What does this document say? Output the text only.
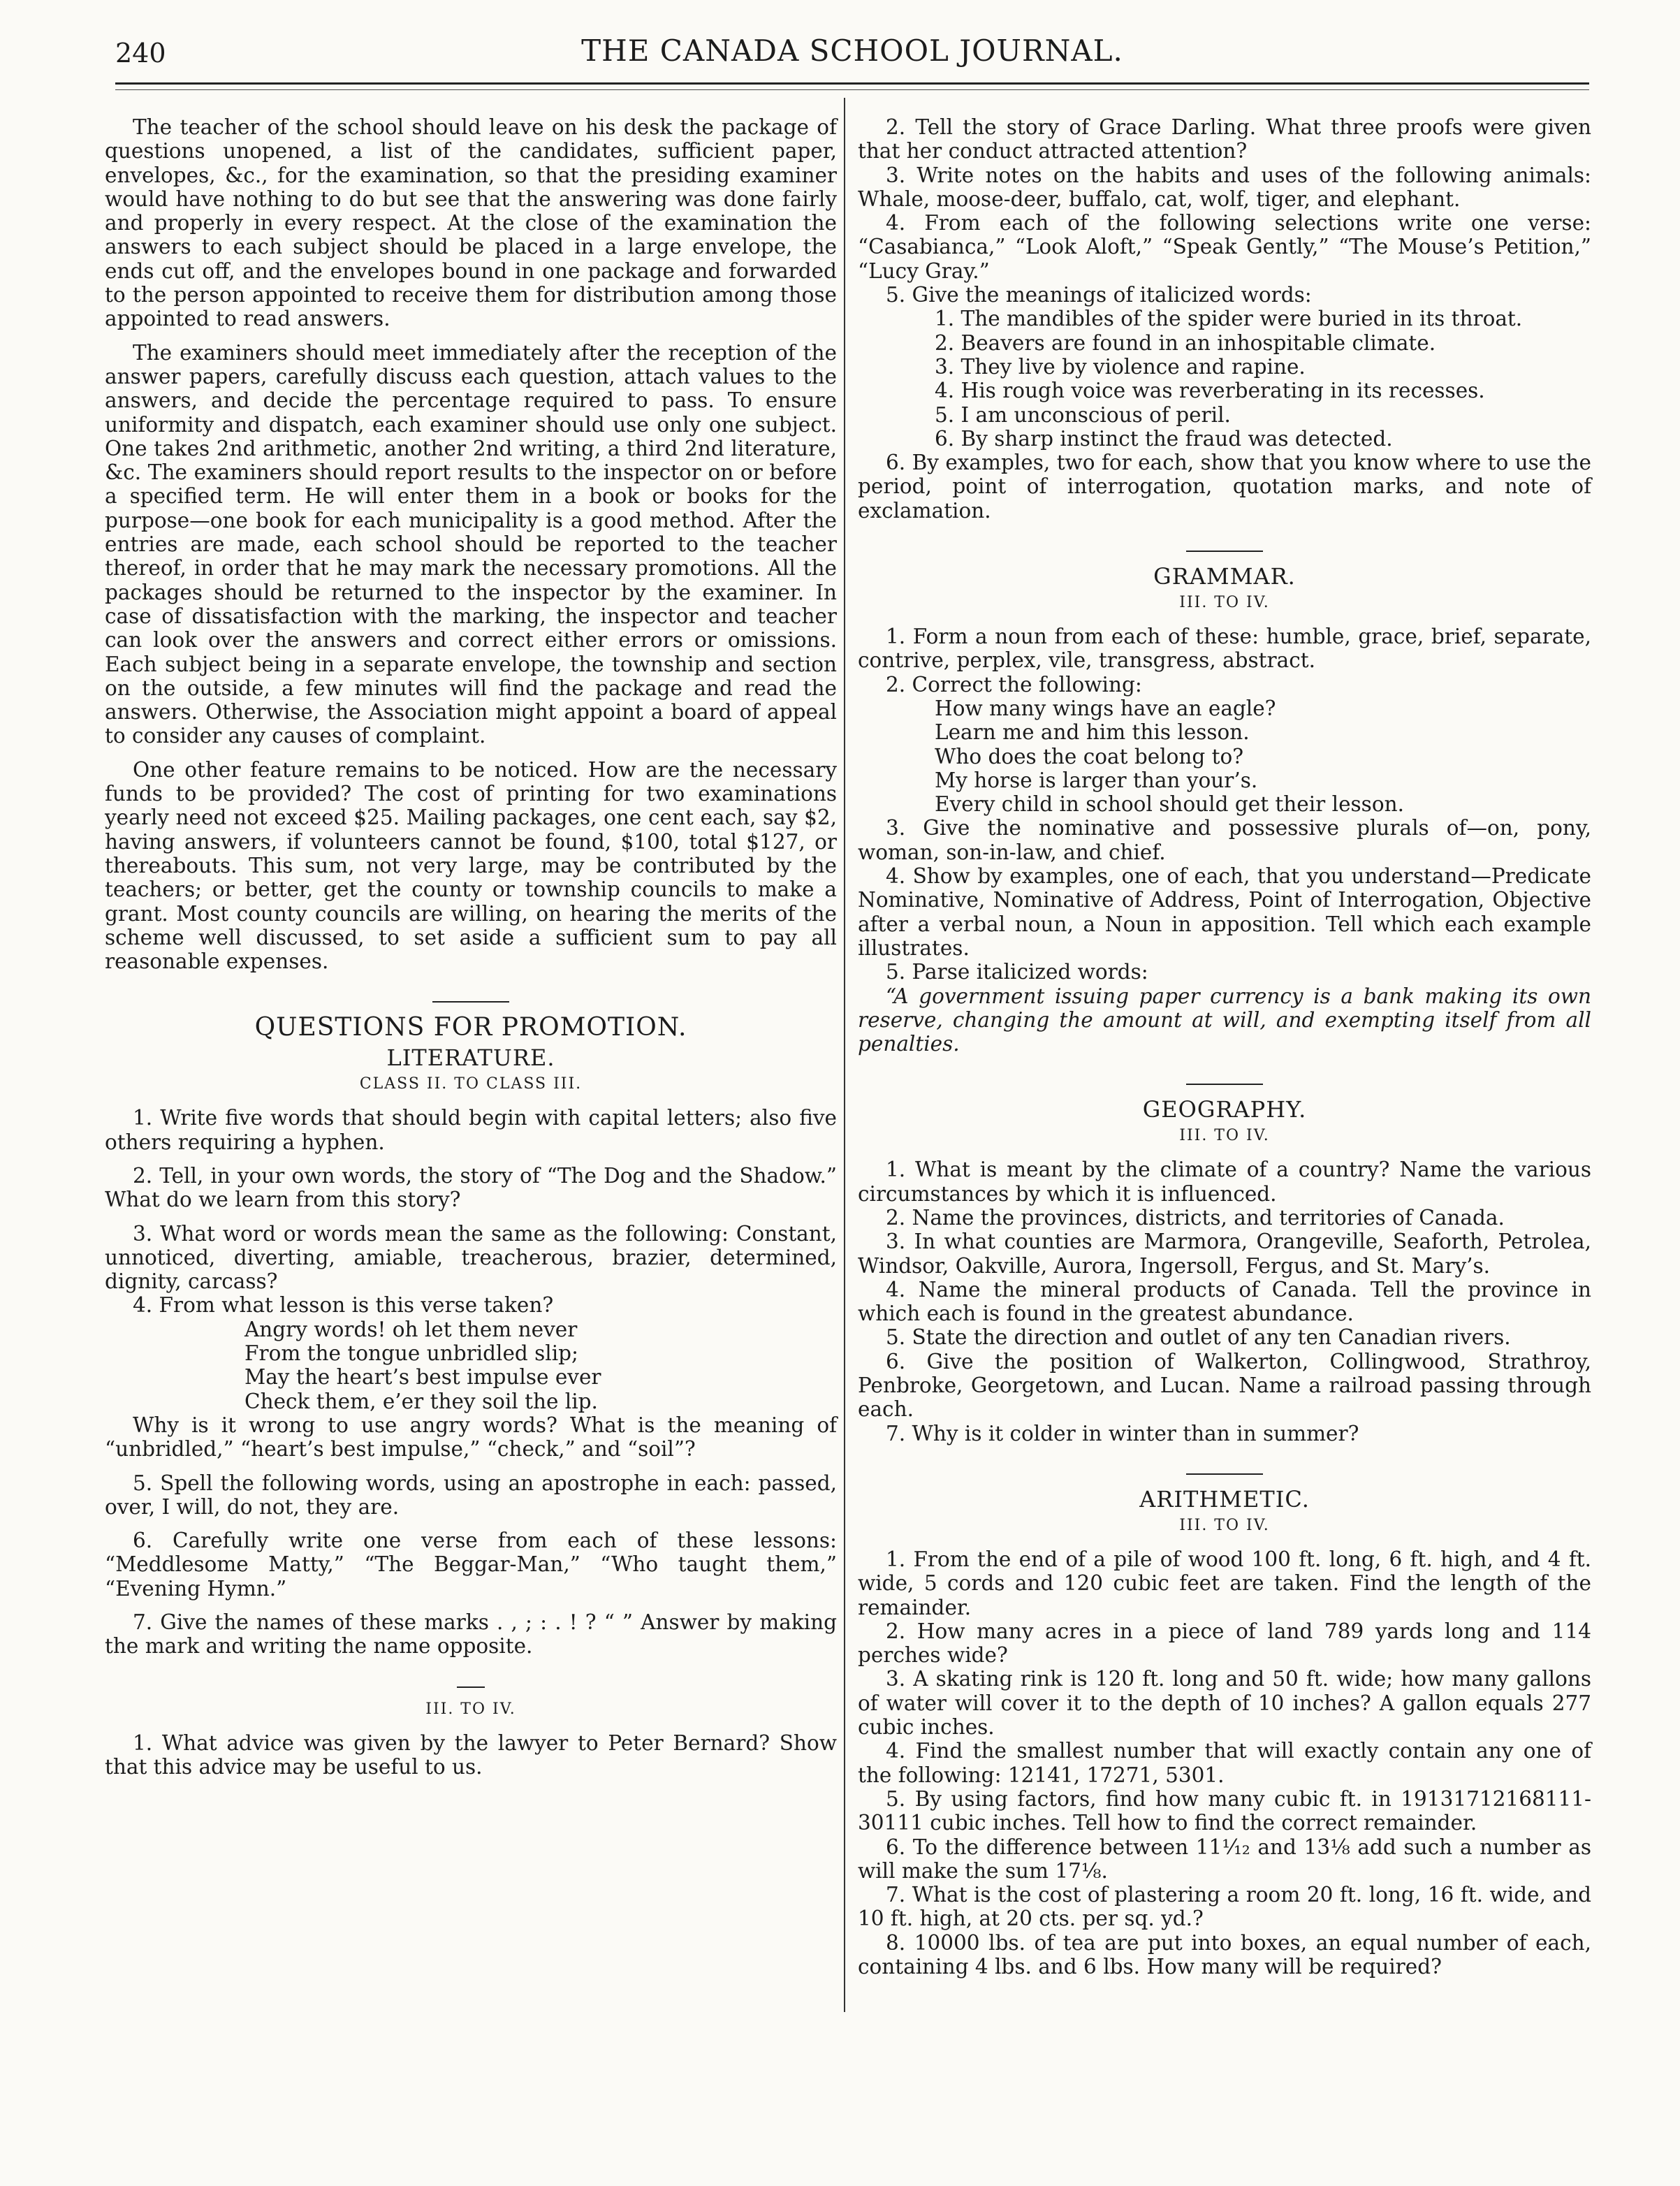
240	THE CANADA SCHOOL JOURNAL.

The teacher of the school should leave on his desk the package of questions unopened, a list of the candidates, sufficient paper, envelopes, &c., for the examination, so that the presiding examiner would have nothing to do but see that the answering was done fairly and properly in every respect. At the close of the examination the answers to each subject should be placed in a large envelope, the ends cut off, and the envelopes bound in one package and forwarded to the person appointed to receive them for distribution among those appointed to read answers.

The examiners should meet immediately after the reception of the answer papers, carefully discuss each question, attach values to the answers, and decide the percentage required to pass. To ensure uniformity and dispatch, each examiner should use only one subject. One takes 2nd arithmetic, another 2nd writing, a third 2nd literature, &c. The examiners should report results to the inspector on or before a specified term. He will enter them in a book or books for the purpose—one book for each municipality is a good method. After the entries are made, each school should be reported to the teacher thereof, in order that he may mark the necessary promotions. All the packages should be returned to the inspector by the examiner. In case of dissatisfaction with the marking, the inspector and teacher can look over the answers and correct either errors or omissions. Each subject being in a separate envelope, the township and section on the outside, a few minutes will find the package and read the answers. Otherwise, the Association might appoint a board of appeal to consider any causes of complaint.

One other feature remains to be noticed. How are the necessary funds to be provided? The cost of printing for two examinations yearly need not exceed $25. Mailing packages, one cent each, say $2, having answers, if volunteers cannot be found, $100, total $127, or thereabouts. This sum, not very large, may be contributed by the teachers; or better, get the county or township councils to make a grant. Most county councils are willing, on hearing the merits of the scheme well discussed, to set aside a sufficient sum to pay all reasonable expenses.

QUESTIONS FOR PROMOTION.
LITERATURE.
CLASS II. TO CLASS III.

1. Write five words that should begin with capital letters; also five others requiring a hyphen.

2. Tell, in your own words, the story of “The Dog and the Shadow.” What do we learn from this story?

3. What word or words mean the same as the following: Constant, unnoticed, diverting, amiable, treacherous, brazier, determined, dignity, carcass?

4. From what lesson is this verse taken?

Angry words! oh let them never
From the tongue unbridled slip;
May the heart’s best impulse ever
Check them, e’er they soil the lip.

Why is it wrong to use angry words? What is the meaning of “unbridled,” “heart’s best impulse,” “check,” and “soil”?

5. Spell the following words, using an apostrophe in each: passed, over, I will, do not, they are.

6. Carefully write one verse from each of these lessons: “Meddlesome Matty,” “The Beggar-Man,” “Who taught them,” “Evening Hymn.”

7. Give the names of these marks . , ; : . ! ? “ ” Answer by making the mark and writing the name opposite.

III. TO IV.

1. What advice was given by the lawyer to Peter Bernard? Show that this advice may be useful to us.

2. Tell the story of Grace Darling. What three proofs were given that her conduct attracted attention?

3. Write notes on the habits and uses of the following animals: Whale, moose-deer, buffalo, cat, wolf, tiger, and elephant.

4. From each of the following selections write one verse: “Casabianca,” “Look Aloft,” “Speak Gently,” “The Mouse’s Petition,” “Lucy Gray.”

5. Give the meanings of italicized words:

1. The mandibles of the spider were buried in its throat.
2. Beavers are found in an inhospitable climate.
3. They live by violence and rapine.
4. His rough voice was reverberating in its recesses.
5. I am unconscious of peril.
6. By sharp instinct the fraud was detected.

6. By examples, two for each, show that you know where to use the period, point of interrogation, quotation marks, and note of exclamation.

GRAMMAR.
III. TO IV.

1. Form a noun from each of these: humble, grace, brief, separate, contrive, perplex, vile, transgress, abstract.

2. Correct the following:

How many wings have an eagle?
Learn me and him this lesson.
Who does the coat belong to?
My horse is larger than your’s.
Every child in school should get their lesson.

3. Give the nominative and possessive plurals of—on, pony, woman, son-in-law, and chief.

4. Show by examples, one of each, that you understand—Predicate Nominative, Nominative of Address, Point of Interrogation, Objective after a verbal noun, a Noun in apposition. Tell which each example illustrates.

5. Parse italicized words:

“A government issuing paper currency is a bank making its own reserve, changing the amount at will, and exempting itself from all penalties.

GEOGRAPHY.
III. TO IV.

1. What is meant by the climate of a country? Name the various circumstances by which it is influenced.

2. Name the provinces, districts, and territories of Canada.

3. In what counties are Marmora, Orangeville, Seaforth, Petrolea, Windsor, Oakville, Aurora, Ingersoll, Fergus, and St. Mary’s.

4. Name the mineral products of Canada. Tell the province in which each is found in the greatest abundance.

5. State the direction and outlet of any ten Canadian rivers.

6. Give the position of Walkerton, Collingwood, Strathroy, Penbroke, Georgetown, and Lucan. Name a railroad passing through each.

7. Why is it colder in winter than in summer?

ARITHMETIC.
III. TO IV.

1. From the end of a pile of wood 100 ft. long, 6 ft. high, and 4 ft. wide, 5 cords and 120 cubic feet are taken. Find the length of the remainder.

2. How many acres in a piece of land 789 yards long and 114 perches wide?

3. A skating rink is 120 ft. long and 50 ft. wide; how many gallons of water will cover it to the depth of 10 inches? A gallon equals 277 cubic inches.

4. Find the smallest number that will exactly contain any one of the following: 12141, 17271, 5301.

5. By using factors, find how many cubic ft. in 19131712168111-30111 cubic inches. Tell how to find the correct remainder.

6. To the difference between 11¹⁄₁₂ and 13¹⁄₈ add such a number as will make the sum 17¹⁄₈.

7. What is the cost of plastering a room 20 ft. long, 16 ft. wide, and 10 ft. high, at 20 cts. per sq. yd.?

8. 10000 lbs. of tea are put into boxes, an equal number of each, containing 4 lbs. and 6 lbs. How many will be required?
